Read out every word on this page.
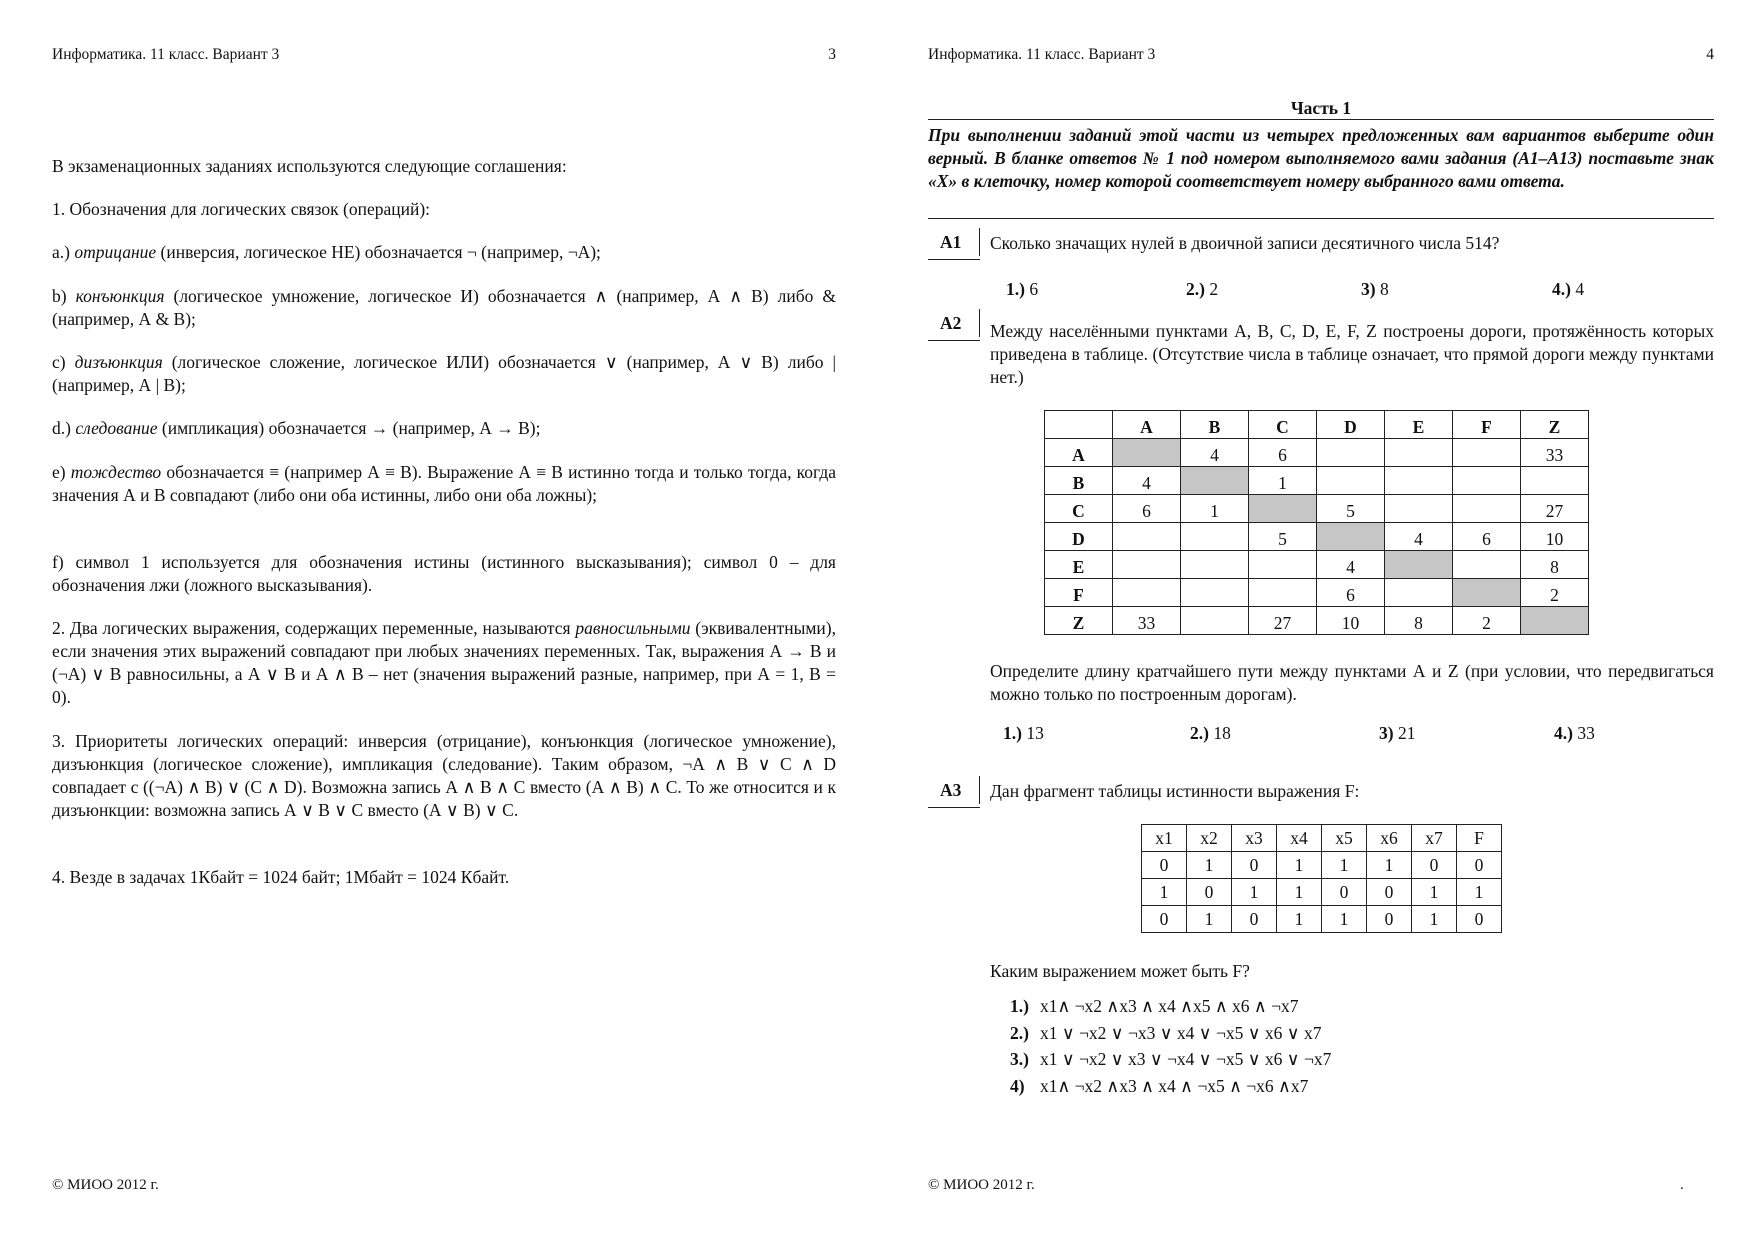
Информатика. 11 класс. Вариант 3	3

В экзаменационных заданиях используются следующие соглашения:

1. Обозначения для логических связок (операций):

a.) отрицание (инверсия, логическое НЕ) обозначается ¬ (например, ¬А);

b) конъюнкция (логическое умножение, логическое И) обозначается ∧ (например, А ∧ В) либо & (например, А & В);

c) дизъюнкция (логическое сложение, логическое ИЛИ) обозначается ∨ (например, А ∨ В) либо | (например, А | В);

d.) следование (импликация) обозначается → (например, А → В);

e) тождество обозначается ≡ (например А ≡ В). Выражение А ≡ В истинно тогда и только тогда, когда значения А и В совпадают (либо они оба истинны, либо они оба ложны);

f) символ 1 используется для обозначения истины (истинного высказывания); символ 0 – для обозначения лжи (ложного высказывания).

2. Два логических выражения, содержащих переменные, называются равносильными (эквивалентными), если значения этих выражений совпадают при любых значениях переменных. Так, выражения А → В и (¬А) ∨ В равносильны, а А ∨ В и А ∧ В – нет (значения выражений разные, например, при А = 1, В = 0).

3. Приоритеты логических операций: инверсия (отрицание), конъюнкция (логическое умножение), дизъюнкция (логическое сложение), импликация (следование). Таким образом, ¬А ∧ В ∨ С ∧ D совпадает с ((¬А) ∧ В) ∨ (С ∧ D). Возможна запись А ∧ В ∧ С вместо (А ∧ В) ∧ С. То же относится и к дизъюнкции: возможна запись А ∨ В ∨ С вместо (А ∨ В) ∨ С.

4. Везде в задачах 1Кбайт = 1024 байт; 1Мбайт = 1024 Кбайт.

© МИОО 2012 г.
Информатика. 11 класс. Вариант 3	4
Часть 1

При выполнении заданий этой части из четырех предложенных вам вариантов выберите один верный. В бланке ответов № 1 под номером выполняемого вами задания (А1–А13) поставьте знак «Х» в клеточку, номер которой соответствует номеру выбранного вами ответа.

А1	Сколько значащих нулей в двоичной записи десятичного числа 514?

1.) 6	2.) 2	3) 8	4.) 4
А2	Между населёнными пунктами A, B, C, D, E, F, Z построены дороги, протяжённость которых приведена в таблице. (Отсутствие числа в таблице означает, что прямой дороги между пунктами нет.)

	A	B	C	D	E	F	Z
A		4	6				33
B	4		1				
C	6	1		5			27
D			5		4	6	10
E				4			8
F				6			2
Z	33		27	10	8	2	

Определите длину кратчайшего пути между пунктами А и Z (при условии, что передвигаться можно только по построенным дорогам).

1.) 13	2.) 18	3) 21	4.) 33
А3	Дан фрагмент таблицы истинности выражения F:

x1	x2	x3	x4	x5	x6	x7	F
0	1	0	1	1	1	0	0
1	0	1	1	0	0	1	1
0	1	0	1	1	0	1	0

Каким выражением может быть F?

1.) x1∧ ¬x2 ∧x3 ∧ x4 ∧x5 ∧ x6 ∧ ¬x7
2.) x1 ∨ ¬x2 ∨ ¬x3 ∨ x4 ∨ ¬x5 ∨ x6 ∨ x7
3.) x1 ∨ ¬x2 ∨ x3 ∨ ¬x4 ∨ ¬x5 ∨ x6 ∨ ¬x7
4) x1∧ ¬x2 ∧x3 ∧ x4 ∧ ¬x5 ∧ ¬x6 ∧x7
© МИОО 2012 г.	.
